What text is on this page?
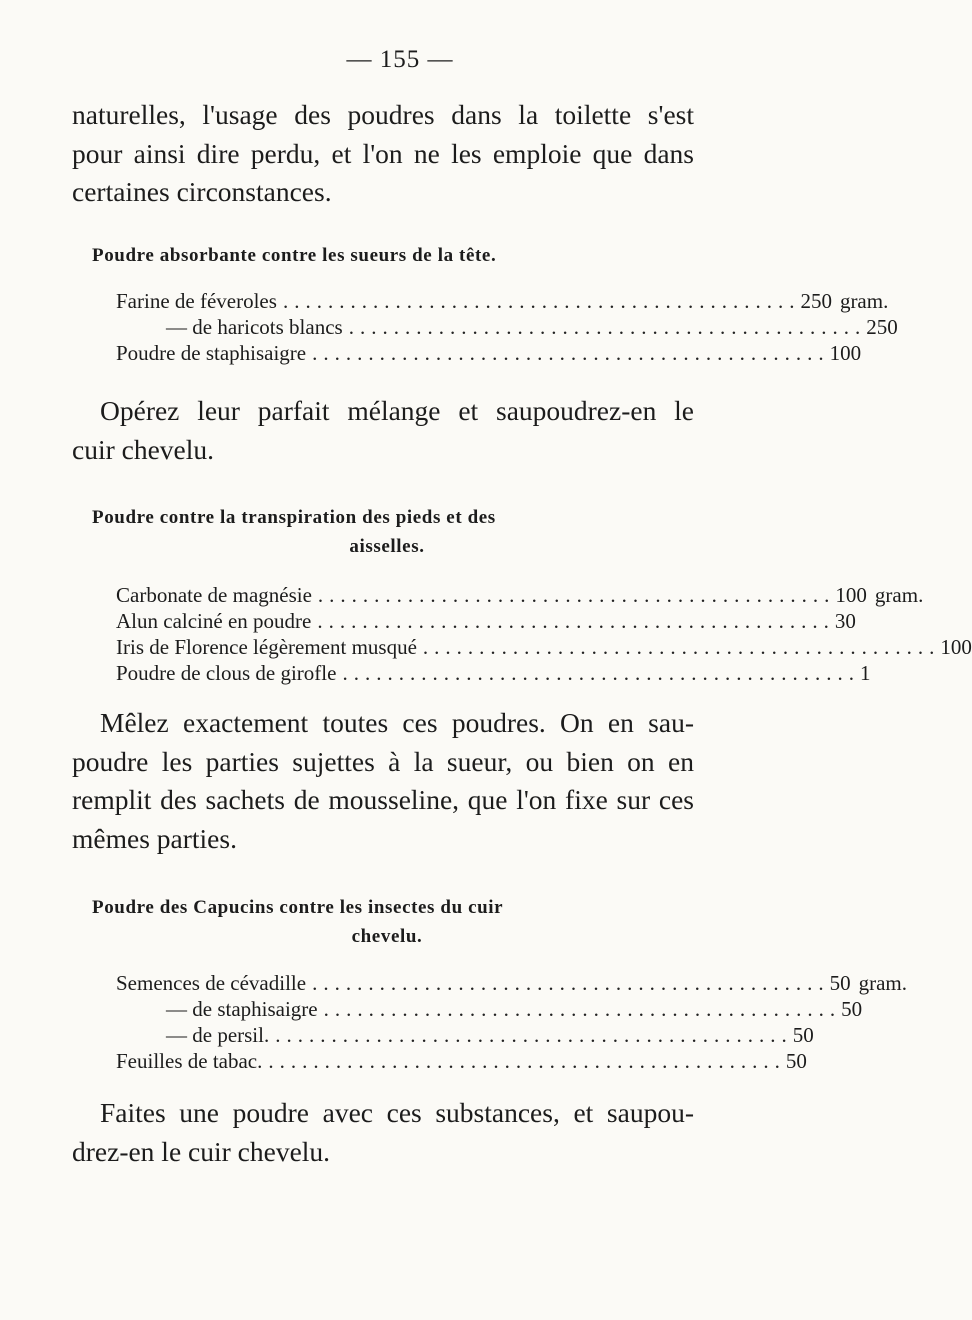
— 155 —
naturelles, l'usage des poudres dans la toilette s'est
pour ainsi dire perdu, et l'on ne les emploie que dans
certaines circonstances.
Poudre absorbante contre les sueurs de la tête.
Farine de féveroles .............................................. 250 gram.
— de haricots blancs .............................................. 250
Poudre de staphisaigre .............................................. 100
Opérez leur parfait mélange et saupoudrez-en le
cuir chevelu.
Poudre contre la transpiration des pieds et des
aisselles.
Carbonate de magnésie .............................................. 100 gram.
Alun calciné en poudre .............................................. 30
Iris de Florence légèrement musqué .............................................. 100
Poudre de clous de girofle .............................................. 1
Mêlez exactement toutes ces poudres. On en sau-
poudre les parties sujettes à la sueur, ou bien on en
remplit des sachets de mousseline, que l'on fixe sur ces
mêmes parties.
Poudre des Capucins contre les insectes du cuir
chevelu.
Semences de cévadille .............................................. 50 gram.
— de staphisaigre .............................................. 50
— de persil. .............................................. 50
Feuilles de tabac. .............................................. 50
Faites une poudre avec ces substances, et saupou-
drez-en le cuir chevelu.
